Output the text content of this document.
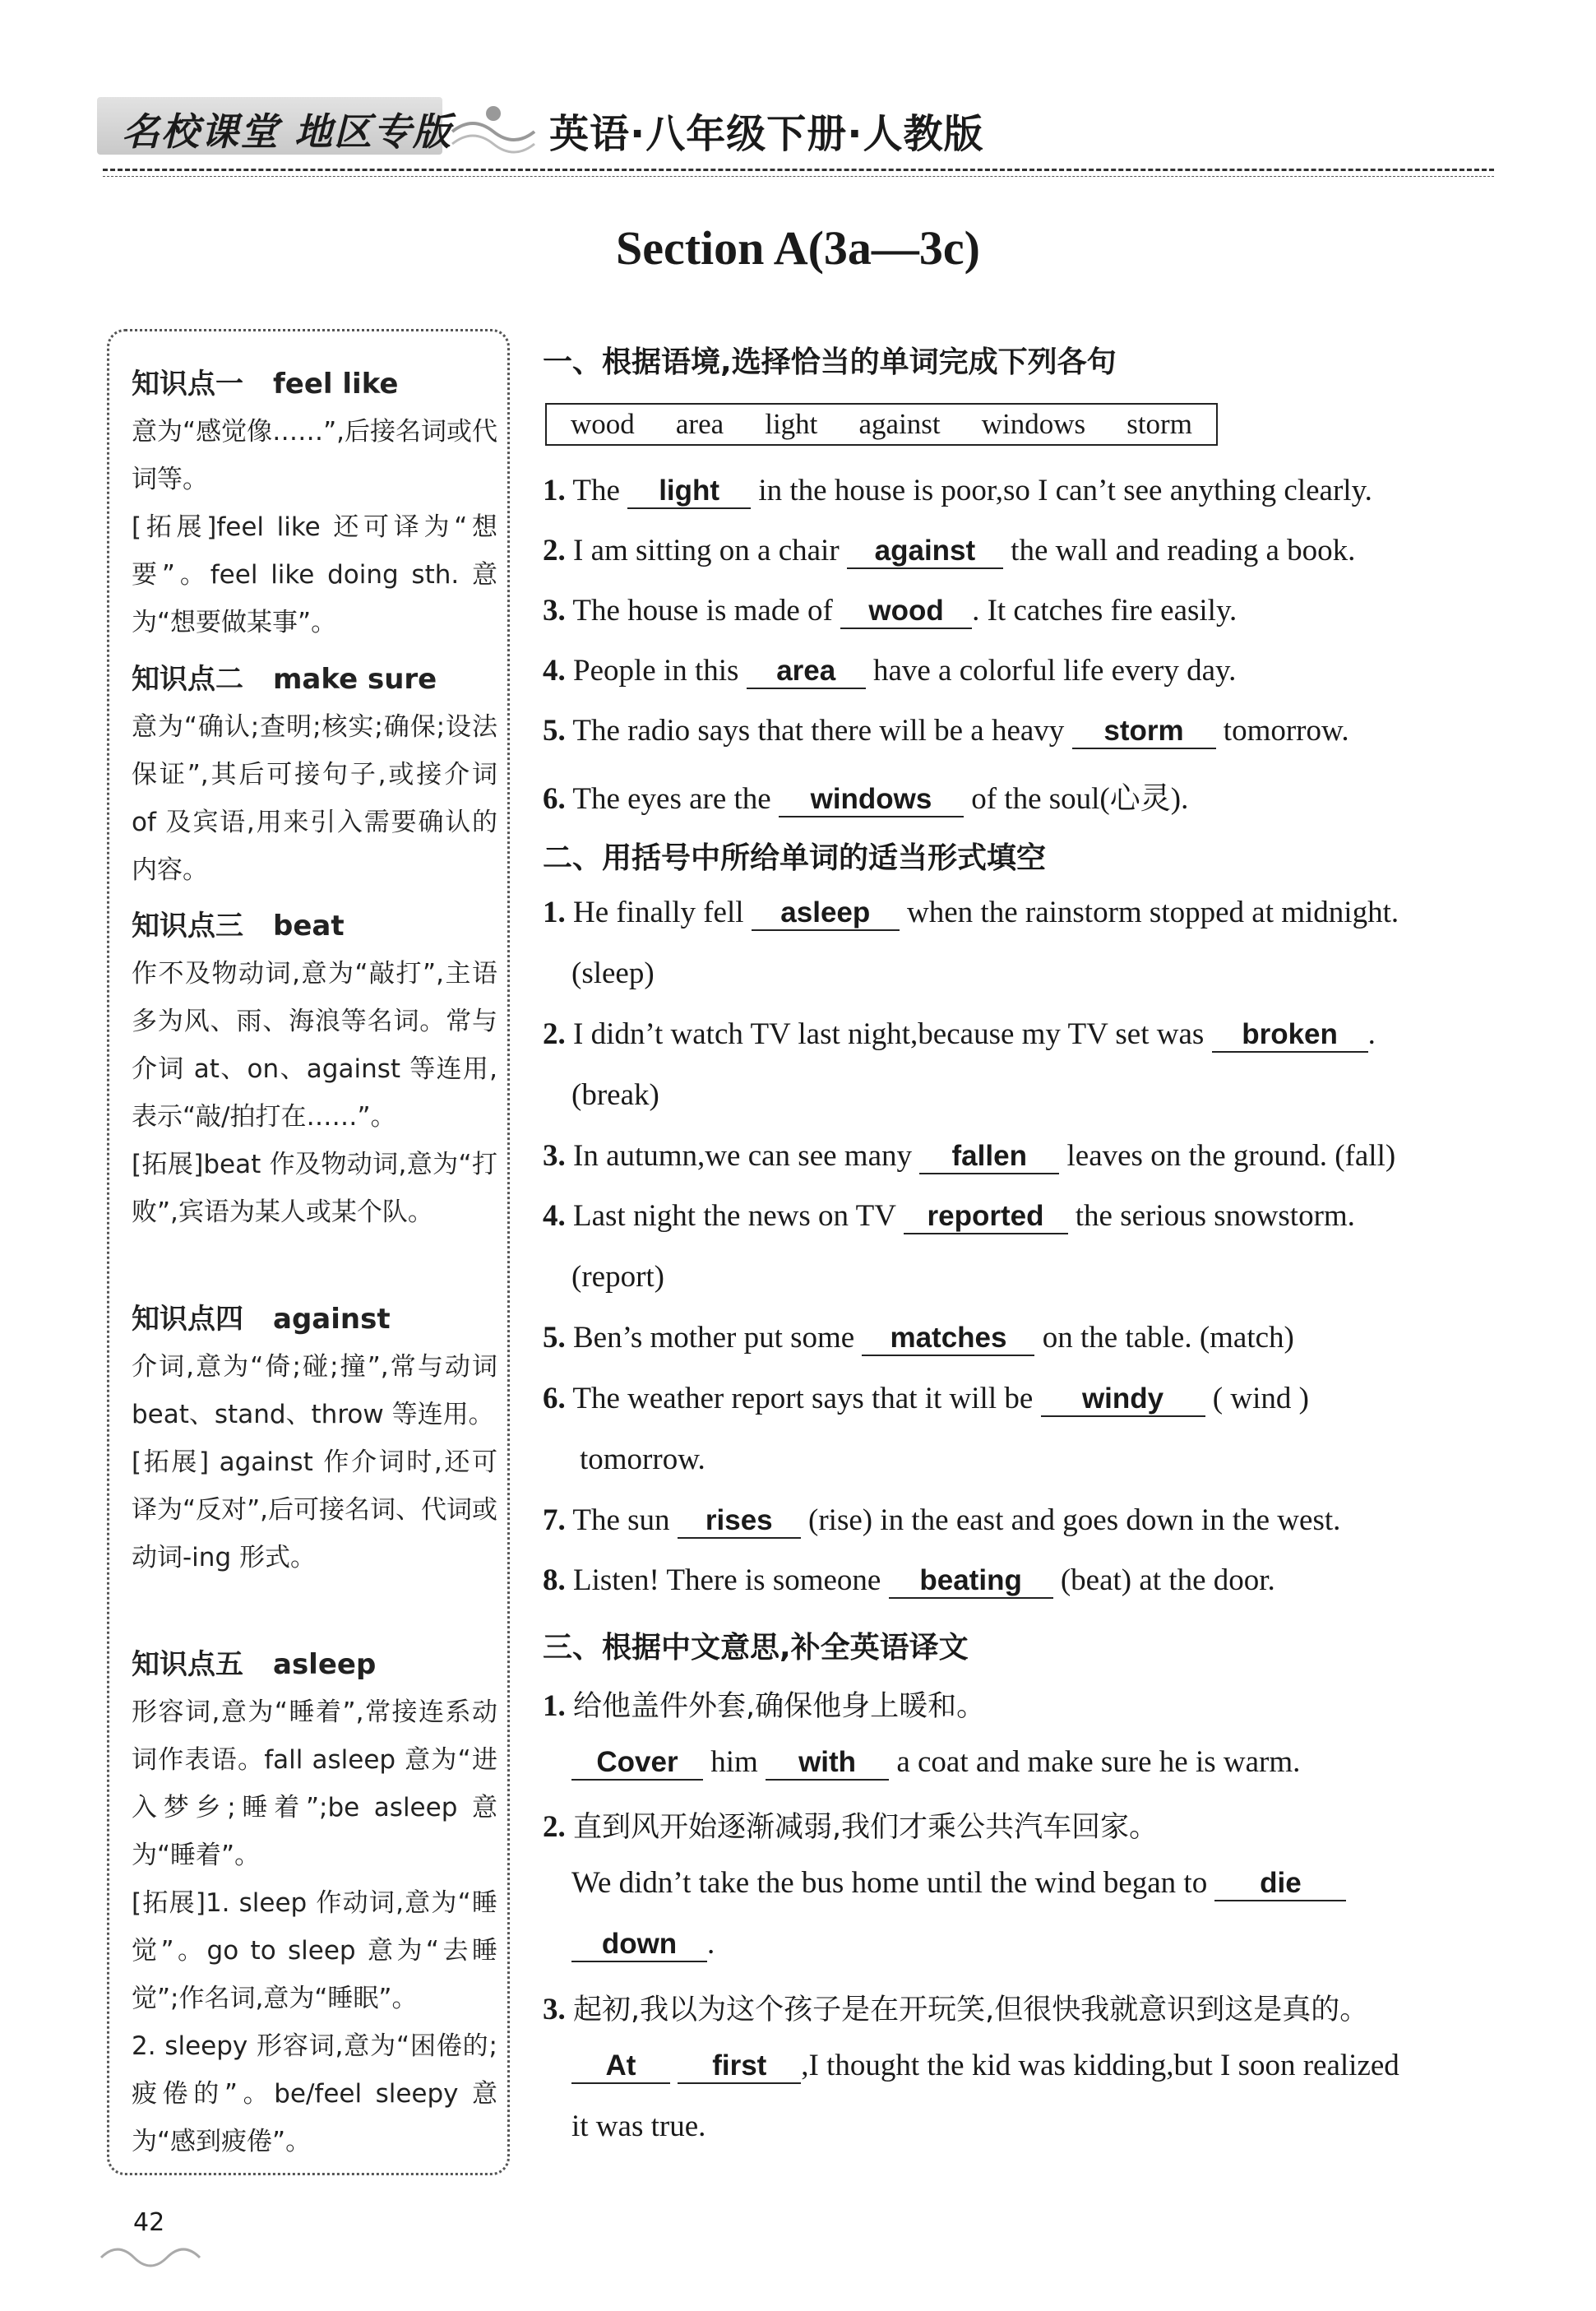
名校课堂 地区专版 英语·八年级下册·人教版
Section A(3a—3c)
知识点一 feel like

意为“感觉像……”,后接名词或代词等。

[拓展]feel like 还可译为“想要”。feel like doing sth. 意为“想要做某事”。

知识点二 make sure

意为“确认;查明;核实;确保;设法保证”,其后可接句子,或接介词 of 及宾语,用来引入需要确认的内容。

知识点三 beat

作不及物动词,意为“敲打”,主语多为风、雨、海浪等名词。常与介词 at、on、against 等连用,表示“敲/拍打在……”。

[拓展]beat 作及物动词,意为“打败”,宾语为某人或某个队。

知识点四 against

介词,意为“倚;碰;撞”,常与动词 beat、stand、throw 等连用。

[拓展] against 作介词时,还可译为“反对”,后可接名词、代词或动词-ing 形式。

知识点五 asleep

形容词,意为“睡着”,常接连系动词作表语。fall asleep 意为“进入梦乡;睡着”;be asleep 意为“睡着”。

[拓展]1. sleep 作动词,意为“睡觉”。go to sleep 意为“去睡觉”;作名词,意为“睡眠”。

2. sleepy 形容词,意为“困倦的;疲倦的”。be/feel sleepy 意为“感到疲倦”。

一、根据语境,选择恰当的单词完成下列各句
wood area light against windows storm
1. The light in the house is poor,so I can’t see anything clearly.
2. I am sitting on a chair against the wall and reading a book.
3. The house is made of wood . It catches fire easily.
4. People in this area have a colorful life every day.
5. The radio says that there will be a heavy storm tomorrow.
6. The eyes are the windows of the soul(心灵).
二、用括号中所给单词的适当形式填空
1. He finally fell asleep when the rainstorm stopped at midnight.
(sleep)
2. I didn’t watch TV last night,because my TV set was broken .
(break)
3. In autumn,we can see many fallen leaves on the ground. (fall)
4. Last night the news on TV reported the serious snowstorm.
(report)
5. Ben’s mother put some matches on the table. (match)
6. The weather report says that it will be windy ( wind )
tomorrow.
7. The sun rises (rise) in the east and goes down in the west.
8. Listen! There is someone beating (beat) at the door.
三、根据中文意思,补全英语译文
1. 给他盖件外套,确保他身上暖和。
Cover him with a coat and make sure he is warm.
2. 直到风开始逐渐减弱,我们才乘公共汽车回家。
We didn’t take the bus home until the wind began to die
down .
3. 起初,我以为这个孩子是在开玩笑,但很快我就意识到这是真的。
At	first ,I thought the kid was kidding,but I soon realized
it was true.
42
